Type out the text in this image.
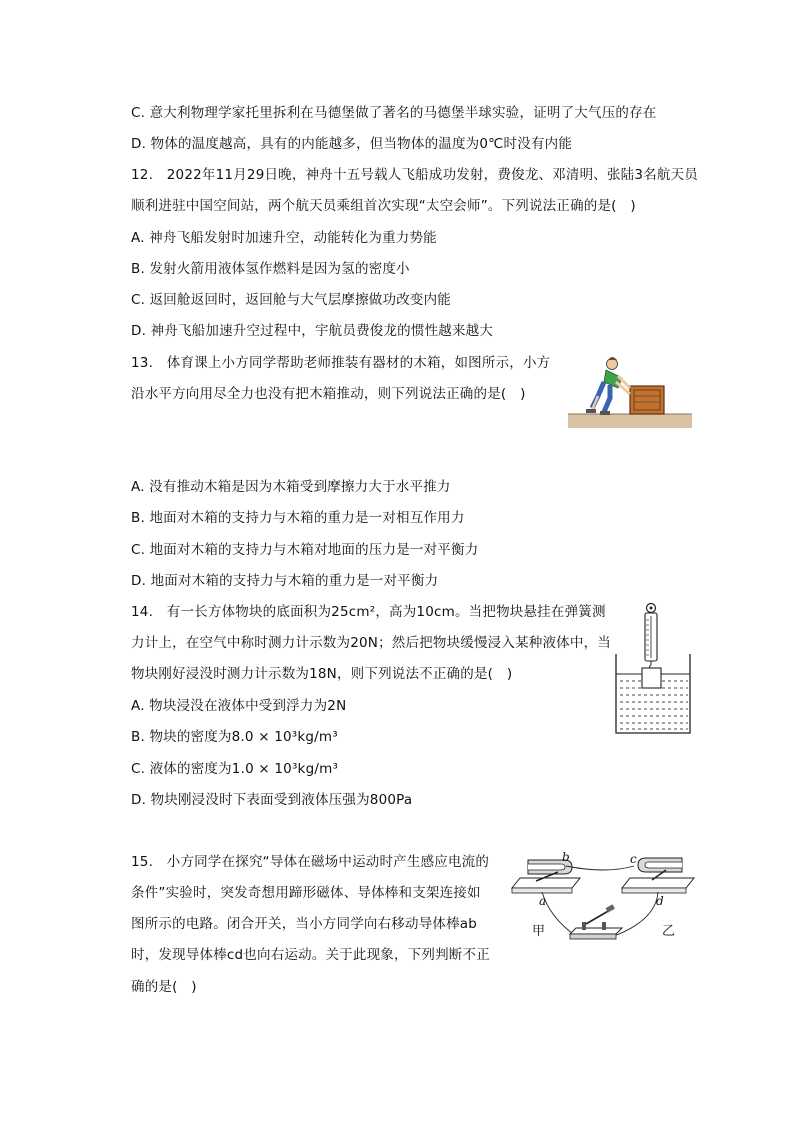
C. 意大利物理学家托里拆利在马德堡做了著名的马德堡半球实验，证明了大气压的存在
D. 物体的温度越高，具有的内能越多，但当物体的温度为0℃时没有内能
12.　2022年11月29日晚，神舟十五号载人飞船成功发射，费俊龙、邓清明、张陆3名航天员
顺利进驻中国空间站，两个航天员乘组首次实现“太空会师”。下列说法正确的是(　)
A. 神舟飞船发射时加速升空，动能转化为重力势能
B. 发射火箭用液体氢作燃料是因为氢的密度小
C. 返回舱返回时，返回舱与大气层摩擦做功改变内能
D. 神舟飞船加速升空过程中，宇航员费俊龙的惯性越来越大
13.　体育课上小方同学帮助老师推装有器材的木箱，如图所示，小方
沿水平方向用尽全力也没有把木箱推动，则下列说法正确的是(　)
A. 没有推动木箱是因为木箱受到摩擦力大于水平推力
B. 地面对木箱的支持力与木箱的重力是一对相互作用力
C. 地面对木箱的支持力与木箱对地面的压力是一对平衡力
D. 地面对木箱的支持力与木箱的重力是一对平衡力
14.　有一长方体物块的底面积为25cm²，高为10cm。当把物块悬挂在弹簧测
力计上，在空气中称时测力计示数为20N；然后把物块缓慢浸入某种液体中，当
物块刚好浸没时测力计示数为18N，则下列说法不正确的是(　)
A. 物块浸没在液体中受到浮力为2N
B. 物块的密度为8.0 × 10³kg/m³
C. 液体的密度为1.0 × 10³kg/m³
D. 物块刚浸没时下表面受到液体压强为800Pa
15.　小方同学在探究“导体在磁场中运动时产生感应电流的
条件”实验时，突发奇想用蹄形磁体、导体棒和支架连接如
图所示的电路。闭合开关，当小方同学向右移动导体棒ab
时，发现导体棒cd也向右运动。关于此现象，下列判断不正
确的是(　)
b	c
a	d
甲	乙
